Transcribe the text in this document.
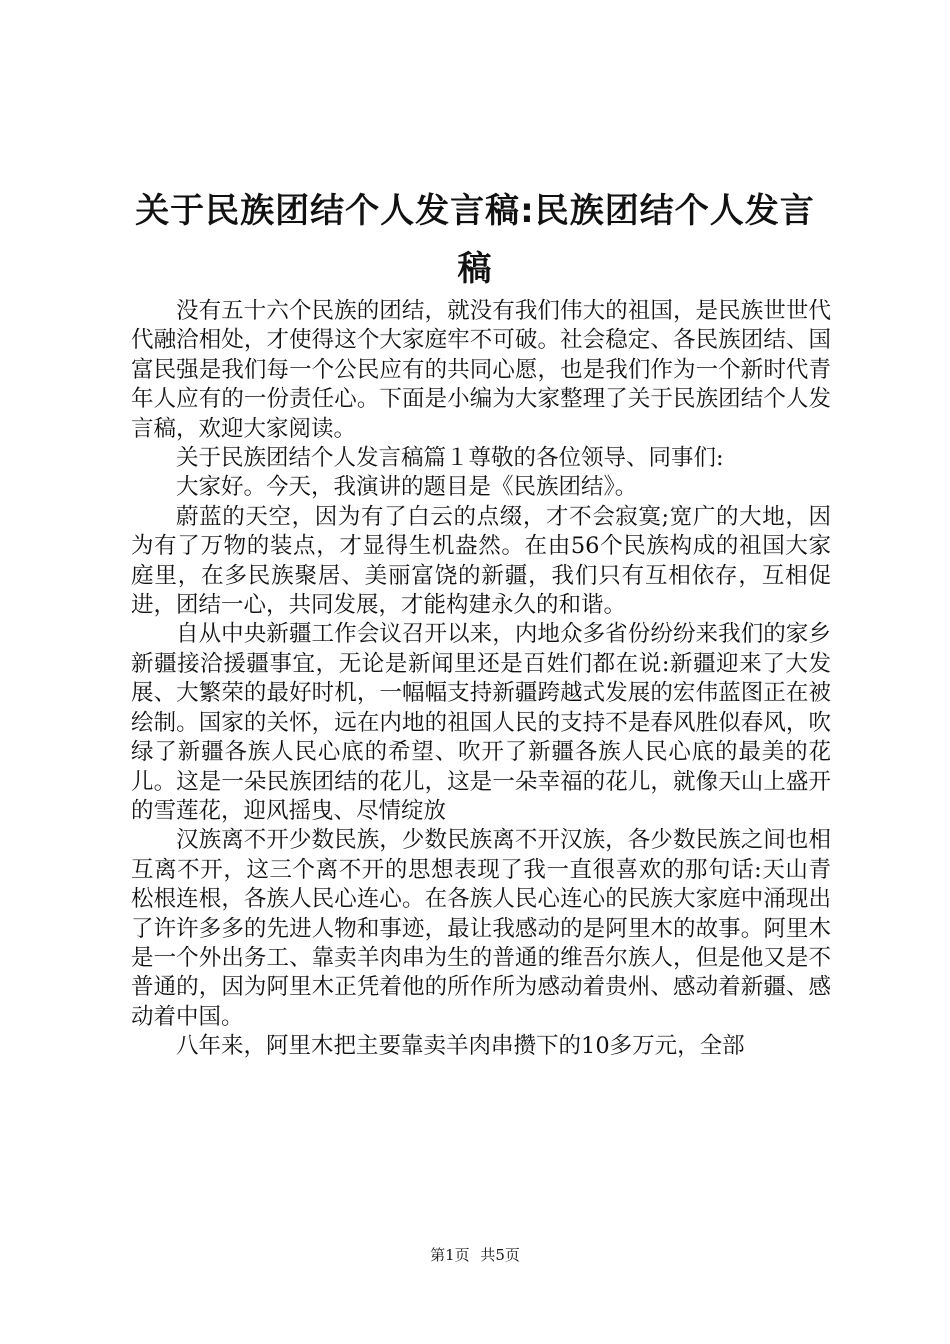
关于民族团结个人发言稿:民族团结个人发言稿

没有五十六个民族的团结，就没有我们伟大的祖国，是民族世世代代融洽相处，才使得这个大家庭牢不可破。社会稳定、各民族团结、国富民强是我们每一个公民应有的共同心愿，也是我们作为一个新时代青年人应有的一份责任心。下面是小编为大家整理了关于民族团结个人发言稿，欢迎大家阅读。

关于民族团结个人发言稿篇１尊敬的各位领导、同事们:

大家好。今天，我演讲的题目是《民族团结》。

蔚蓝的天空，因为有了白云的点缀，才不会寂寞;宽广的大地，因为有了万物的装点，才显得生机盎然。在由56个民族构成的祖国大家庭里，在多民族聚居、美丽富饶的新疆，我们只有互相依存，互相促进，团结一心，共同发展，才能构建永久的和谐。

自从中央新疆工作会议召开以来，内地众多省份纷纷来我们的家乡新疆接洽援疆事宜，无论是新闻里还是百姓们都在说:新疆迎来了大发展、大繁荣的最好时机，一幅幅支持新疆跨越式发展的宏伟蓝图正在被绘制。国家的关怀，远在内地的祖国人民的支持不是春风胜似春风，吹绿了新疆各族人民心底的希望、吹开了新疆各族人民心底的最美的花儿。这是一朵民族团结的花儿，这是一朵幸福的花儿，就像天山上盛开的雪莲花，迎风摇曳、尽情绽放

汉族离不开少数民族，少数民族离不开汉族，各少数民族之间也相互离不开，这三个离不开的思想表现了我一直很喜欢的那句话:天山青松根连根，各族人民心连心。在各族人民心连心的民族大家庭中涌现出了许许多多的先进人物和事迹，最让我感动的是阿里木的故事。阿里木是一个外出务工、靠卖羊肉串为生的普通的维吾尔族人，但是他又是不普通的，因为阿里木正凭着他的所作所为感动着贵州、感动着新疆、感动着中国。

八年来，阿里木把主要靠卖羊肉串攒下的10多万元，全部

第1页 共5页
